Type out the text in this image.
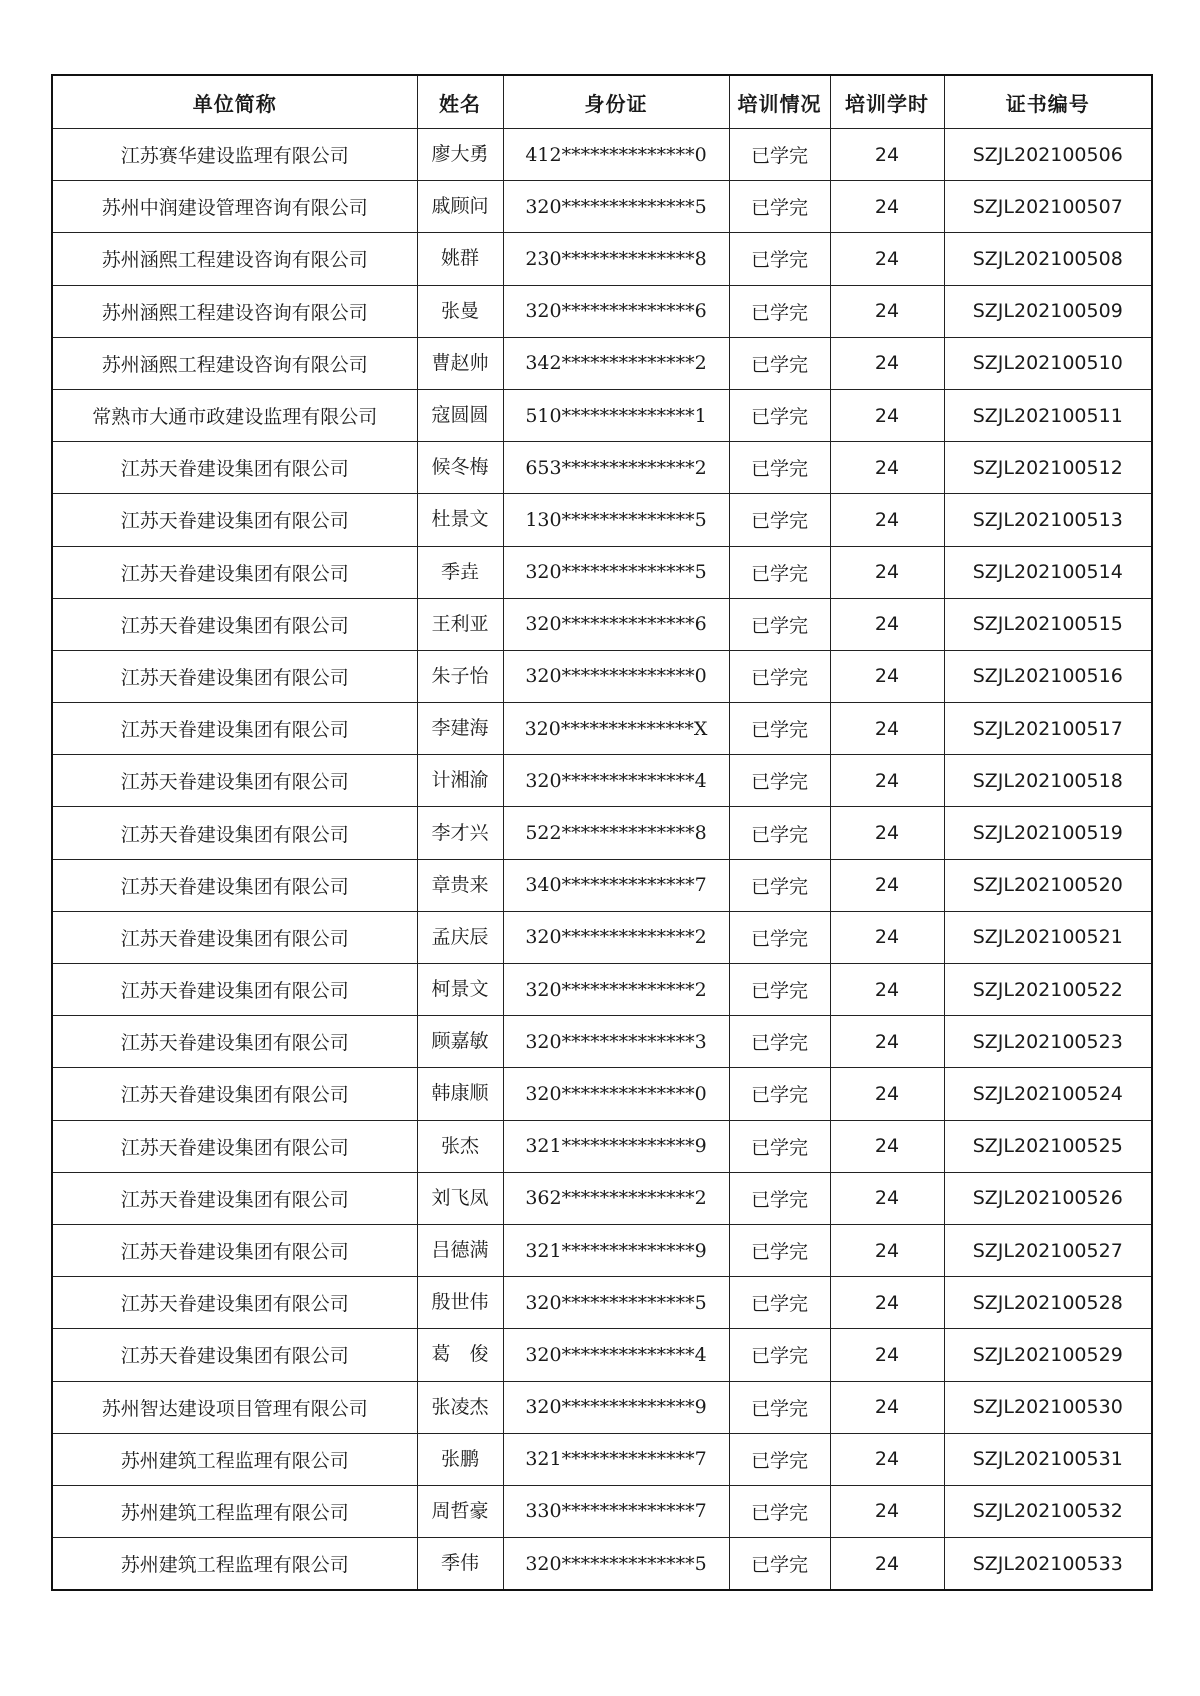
单位简称	姓名	身份证	培训情况	培训学时	证书编号
江苏赛华建设监理有限公司	廖大勇	412**************0	已学完	24	SZJL202100506
苏州中润建设管理咨询有限公司	戚顾问	320**************5	已学完	24	SZJL202100507
苏州涵熙工程建设咨询有限公司	姚群	230**************8	已学完	24	SZJL202100508
苏州涵熙工程建设咨询有限公司	张曼	320**************6	已学完	24	SZJL202100509
苏州涵熙工程建设咨询有限公司	曹赵帅	342**************2	已学完	24	SZJL202100510
常熟市大通市政建设监理有限公司	寇圆圆	510**************1	已学完	24	SZJL202100511
江苏天眷建设集团有限公司	候冬梅	653**************2	已学完	24	SZJL202100512
江苏天眷建设集团有限公司	杜景文	130**************5	已学完	24	SZJL202100513
江苏天眷建设集团有限公司	季垚	320**************5	已学完	24	SZJL202100514
江苏天眷建设集团有限公司	王利亚	320**************6	已学完	24	SZJL202100515
江苏天眷建设集团有限公司	朱子怡	320**************0	已学完	24	SZJL202100516
江苏天眷建设集团有限公司	李建海	320**************X	已学完	24	SZJL202100517
江苏天眷建设集团有限公司	计湘渝	320**************4	已学完	24	SZJL202100518
江苏天眷建设集团有限公司	李才兴	522**************8	已学完	24	SZJL202100519
江苏天眷建设集团有限公司	章贵来	340**************7	已学完	24	SZJL202100520
江苏天眷建设集团有限公司	孟庆辰	320**************2	已学完	24	SZJL202100521
江苏天眷建设集团有限公司	柯景文	320**************2	已学完	24	SZJL202100522
江苏天眷建设集团有限公司	顾嘉敏	320**************3	已学完	24	SZJL202100523
江苏天眷建设集团有限公司	韩康顺	320**************0	已学完	24	SZJL202100524
江苏天眷建设集团有限公司	张杰	321**************9	已学完	24	SZJL202100525
江苏天眷建设集团有限公司	刘飞凤	362**************2	已学完	24	SZJL202100526
江苏天眷建设集团有限公司	吕德满	321**************9	已学完	24	SZJL202100527
江苏天眷建设集团有限公司	殷世伟	320**************5	已学完	24	SZJL202100528
江苏天眷建设集团有限公司	葛　俊	320**************4	已学完	24	SZJL202100529
苏州智达建设项目管理有限公司	张凌杰	320**************9	已学完	24	SZJL202100530
苏州建筑工程监理有限公司	张鹏	321**************7	已学完	24	SZJL202100531
苏州建筑工程监理有限公司	周哲豪	330**************7	已学完	24	SZJL202100532
苏州建筑工程监理有限公司	季伟	320**************5	已学完	24	SZJL202100533
